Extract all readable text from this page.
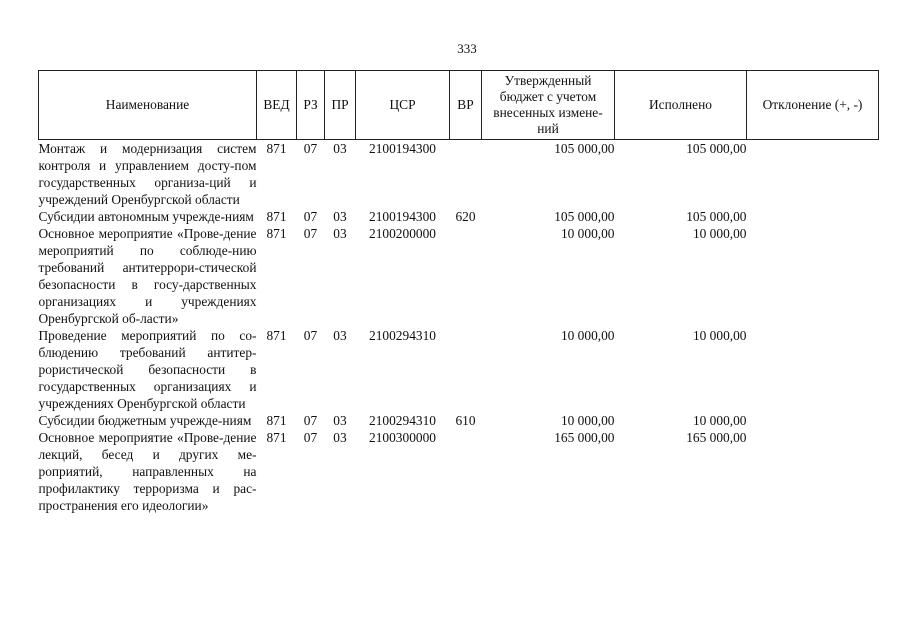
333
Наименование	ВЕД	РЗ	ПР	ЦСР	ВР	Утвержденный бюджет с учетом внесенных измене-ний	Исполнено	Отклонение (+, -)
Монтаж и модернизация систем контроля и управлением досту-пом государственных организа-ций и учреждений Оренбургской области	871	07	03	2100194300		105 000,00	105 000,00	
Субсидии автономным учрежде-ниям	871	07	03	2100194300	620	105 000,00	105 000,00	
Основное мероприятие «Прове-дение мероприятий по соблюде-нию требований антитеррори-стической безопасности в госу-дарственных организациях и учреждениях Оренбургской об-ласти»	871	07	03	2100200000		10 000,00	10 000,00	
Проведение мероприятий по со-блюдению требований антитер-рористической безопасности в государственных организациях и учреждениях Оренбургской области	871	07	03	2100294310		10 000,00	10 000,00	
Субсидии бюджетным учрежде-ниям	871	07	03	2100294310	610	10 000,00	10 000,00	
Основное мероприятие «Прове-дение лекций, бесед и других ме-роприятий, направленных на профилактику терроризма и рас-пространения его идеологии»	871	07	03	2100300000		165 000,00	165 000,00	
